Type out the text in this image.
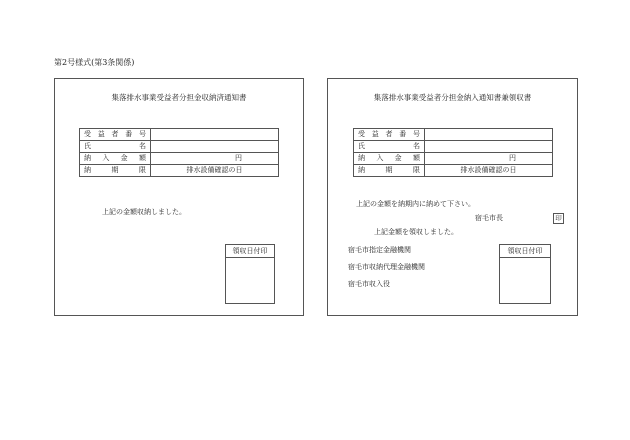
第2号様式(第3条関係)
集落排水事業受益者分担金収納済通知書
受 益 者 番 号	

氏 名	

納 入 金 額	円

納 期 限	排水設備確認の日
上記の金額収納しました。
領収日付印
集落排水事業受益者分担金納入通知書兼領収書
受 益 者 番 号	

氏 名	

納 入 金 額	円

納 期 限	排水設備確認の日
上記の金額を納期内に納めて下さい。
宿毛市長	印
上記金額を領収しました。
宿毛市指定金融機関
宿毛市収納代理金融機関
宿毛市収入役
領収日付印
